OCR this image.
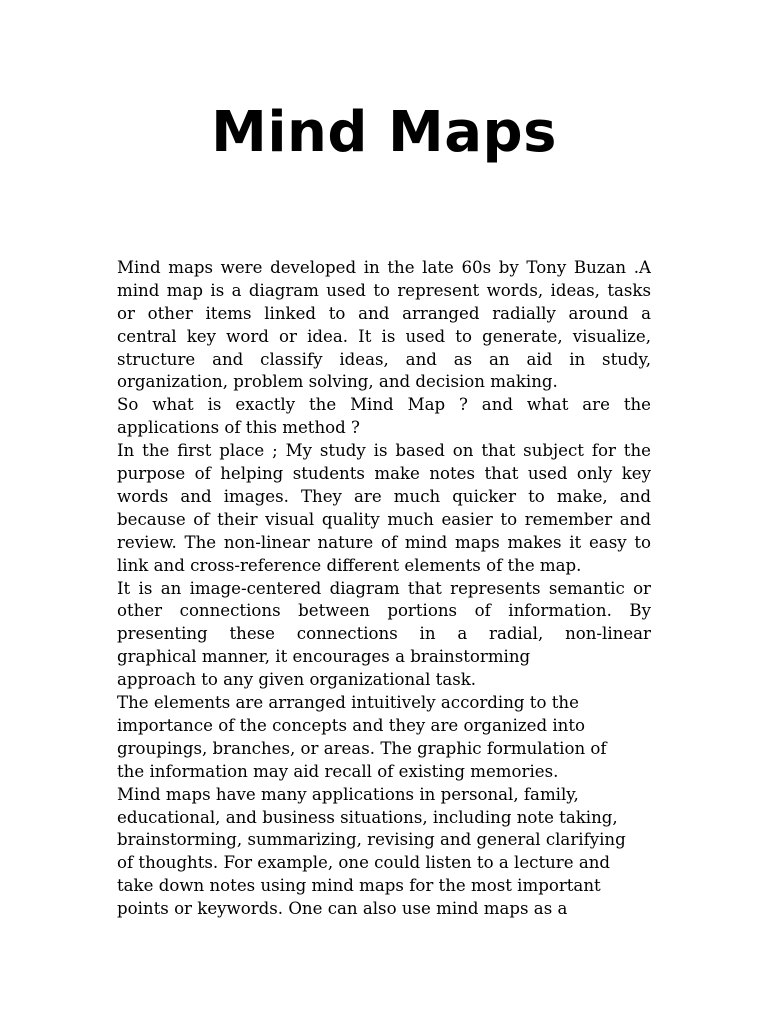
Mind Maps
Mind maps were developed in the late 60s by Tony Buzan .A
mind map is a diagram used to represent words, ideas, tasks
or other items linked to and arranged radially around a
central key word or idea. It is used to generate, visualize,
structure and classify ideas, and as an aid in study,
organization, problem solving, and decision making.
So what is exactly the Mind Map ? and what are the
applications of this method ?
In the first place ; My study is based on that subject for the
purpose of helping students make notes that used only key
words and images. They are much quicker to make, and
because of their visual quality much easier to remember and
review. The non-linear nature of mind maps makes it easy to
link and cross-reference different elements of the map.
It is an image-centered diagram that represents semantic or
other connections between portions of information. By
presenting these connections in a radial, non-linear
graphical manner, it encourages a brainstorming
approach to any given organizational task.
The elements are arranged intuitively according to the
importance of the concepts and they are organized into
groupings, branches, or areas. The graphic formulation of
the information may aid recall of existing memories.
Mind maps have many applications in personal, family,
educational, and business situations, including note taking,
brainstorming, summarizing, revising and general clarifying
of thoughts. For example, one could listen to a lecture and
take down notes using mind maps for the most important
points or keywords. One can also use mind maps as a
